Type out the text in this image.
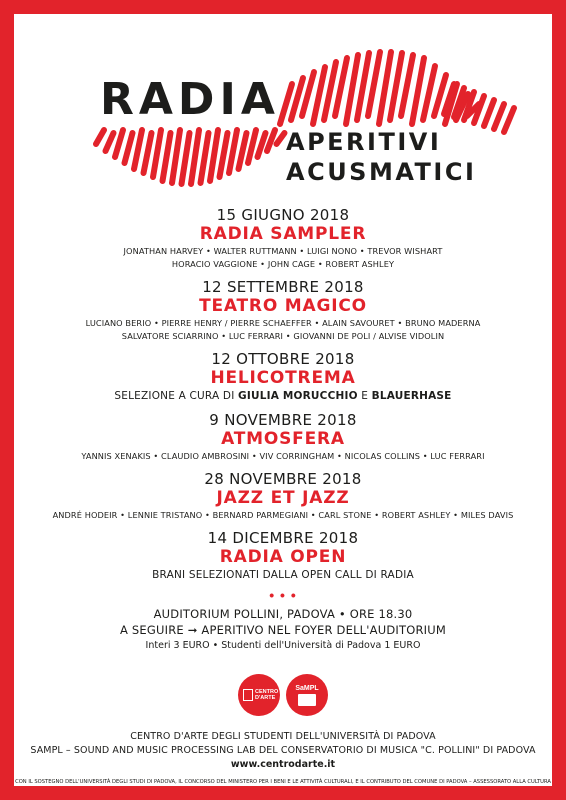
RADIA
APERITIVI
ACUSMATICI
15 GIUGNO 2018
RADIA SAMPLER
JONATHAN HARVEY • WALTER RUTTMANN • LUIGI NONO • TREVOR WISHART
HORACIO VAGGIONE • JOHN CAGE • ROBERT ASHLEY
12 SETTEMBRE 2018
TEATRO MAGICO
LUCIANO BERIO • PIERRE HENRY / PIERRE SCHAEFFER • ALAIN SAVOURET • BRUNO MADERNA
SALVATORE SCIARRINO • LUC FERRARI • GIOVANNI DE POLI / ALVISE VIDOLIN
12 OTTOBRE 2018
HELICOTREMA
SELEZIONE A CURA DI GIULIA MORUCCHIO E BLAUERHASE
9 NOVEMBRE 2018
ATMOSFERA
YANNIS XENAKIS • CLAUDIO AMBROSINI • VIV CORRINGHAM • NICOLAS COLLINS • LUC FERRARI
28 NOVEMBRE 2018
JAZZ ET JAZZ
ANDRÉ HODEIR • LENNIE TRISTANO • BERNARD PARMEGIANI • CARL STONE • ROBERT ASHLEY • MILES DAVIS
14 DICEMBRE 2018
RADIA OPEN
BRANI SELEZIONATI DALLA OPEN CALL DI RADIA
• • •
AUDITORIUM POLLINI, PADOVA • ORE 18.30
A SEGUIRE ➞ APERITIVO NEL FOYER DELL'AUDITORIUM
Interi 3 EURO • Studenti dell'Università di Padova 1 EURO
CENTRO D'ARTE
SaMPL
CENTRO D'ARTE DEGLI STUDENTI DELL'UNIVERSITÀ DI PADOVA
SAMPL – SOUND AND MUSIC PROCESSING LAB DEL CONSERVATORIO DI MUSICA "C. POLLINI" DI PADOVA
www.centrodarte.it
CON IL SOSTEGNO DELL'UNIVERSITÀ DEGLI STUDI DI PADOVA, IL CONCORSO DEL MINISTERO PER I BENI E LE ATTIVITÀ CULTURALI, E IL CONTRIBUTO DEL COMUNE DI PADOVA – ASSESSORATO ALLA CULTURA
